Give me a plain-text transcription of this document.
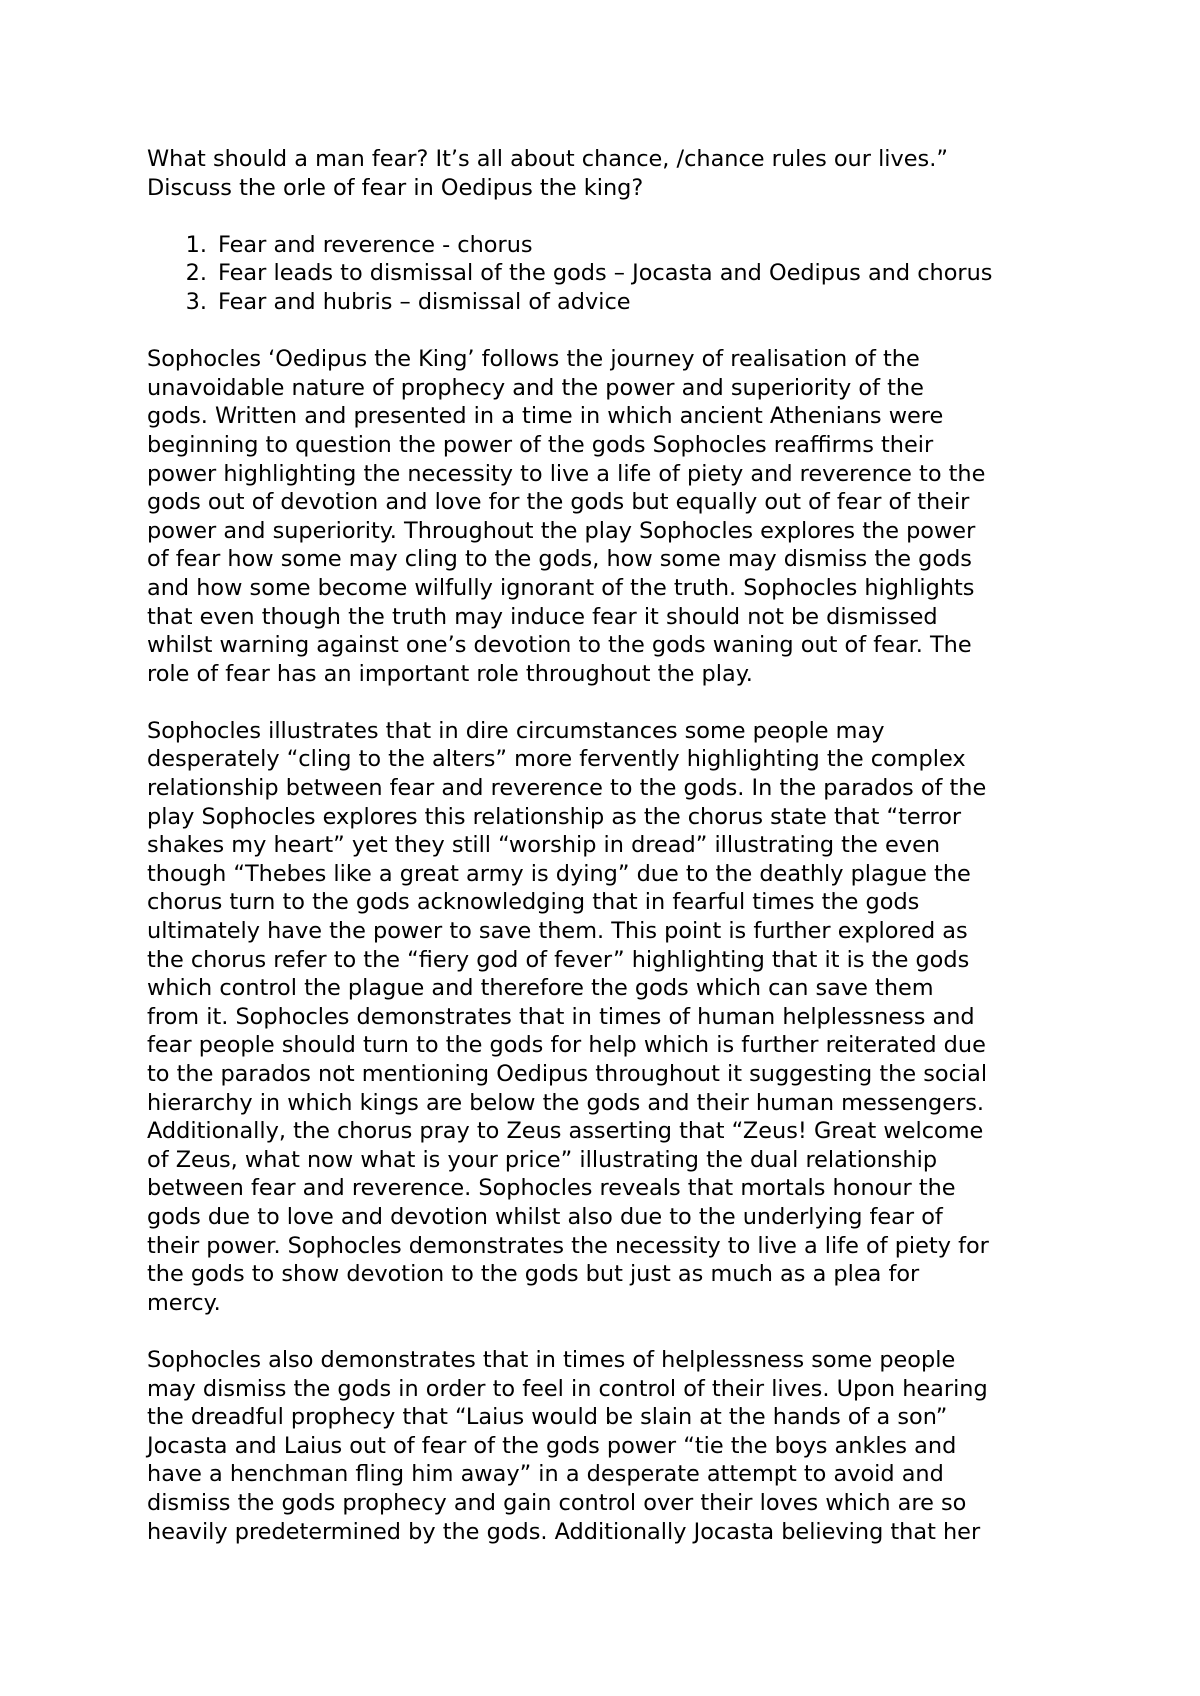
What should a man fear? It’s all about chance, /chance rules our lives.”
Discuss the orle of fear in Oedipus the king?

1. Fear and reverence - chorus
2. Fear leads to dismissal of the gods – Jocasta and Oedipus and chorus
3. Fear and hubris – dismissal of advice

Sophocles ‘Oedipus the King’ follows the journey of realisation of the
unavoidable nature of prophecy and the power and superiority of the
gods. Written and presented in a time in which ancient Athenians were
beginning to question the power of the gods Sophocles reaffirms their
power highlighting the necessity to live a life of piety and reverence to the
gods out of devotion and love for the gods but equally out of fear of their
power and superiority. Throughout the play Sophocles explores the power
of fear how some may cling to the gods, how some may dismiss the gods
and how some become wilfully ignorant of the truth. Sophocles highlights
that even though the truth may induce fear it should not be dismissed
whilst warning against one’s devotion to the gods waning out of fear. The
role of fear has an important role throughout the play.

Sophocles illustrates that in dire circumstances some people may
desperately “cling to the alters” more fervently highlighting the complex
relationship between fear and reverence to the gods. In the parados of the
play Sophocles explores this relationship as the chorus state that “terror
shakes my heart” yet they still “worship in dread” illustrating the even
though “Thebes like a great army is dying” due to the deathly plague the
chorus turn to the gods acknowledging that in fearful times the gods
ultimately have the power to save them. This point is further explored as
the chorus refer to the “fiery god of fever” highlighting that it is the gods
which control the plague and therefore the gods which can save them
from it. Sophocles demonstrates that in times of human helplessness and
fear people should turn to the gods for help which is further reiterated due
to the parados not mentioning Oedipus throughout it suggesting the social
hierarchy in which kings are below the gods and their human messengers.
Additionally, the chorus pray to Zeus asserting that “Zeus! Great welcome
of Zeus, what now what is your price” illustrating the dual relationship
between fear and reverence. Sophocles reveals that mortals honour the
gods due to love and devotion whilst also due to the underlying fear of
their power. Sophocles demonstrates the necessity to live a life of piety for
the gods to show devotion to the gods but just as much as a plea for
mercy.

Sophocles also demonstrates that in times of helplessness some people
may dismiss the gods in order to feel in control of their lives. Upon hearing
the dreadful prophecy that “Laius would be slain at the hands of a son”
Jocasta and Laius out of fear of the gods power “tie the boys ankles and
have a henchman fling him away” in a desperate attempt to avoid and
dismiss the gods prophecy and gain control over their loves which are so
heavily predetermined by the gods. Additionally Jocasta believing that her
